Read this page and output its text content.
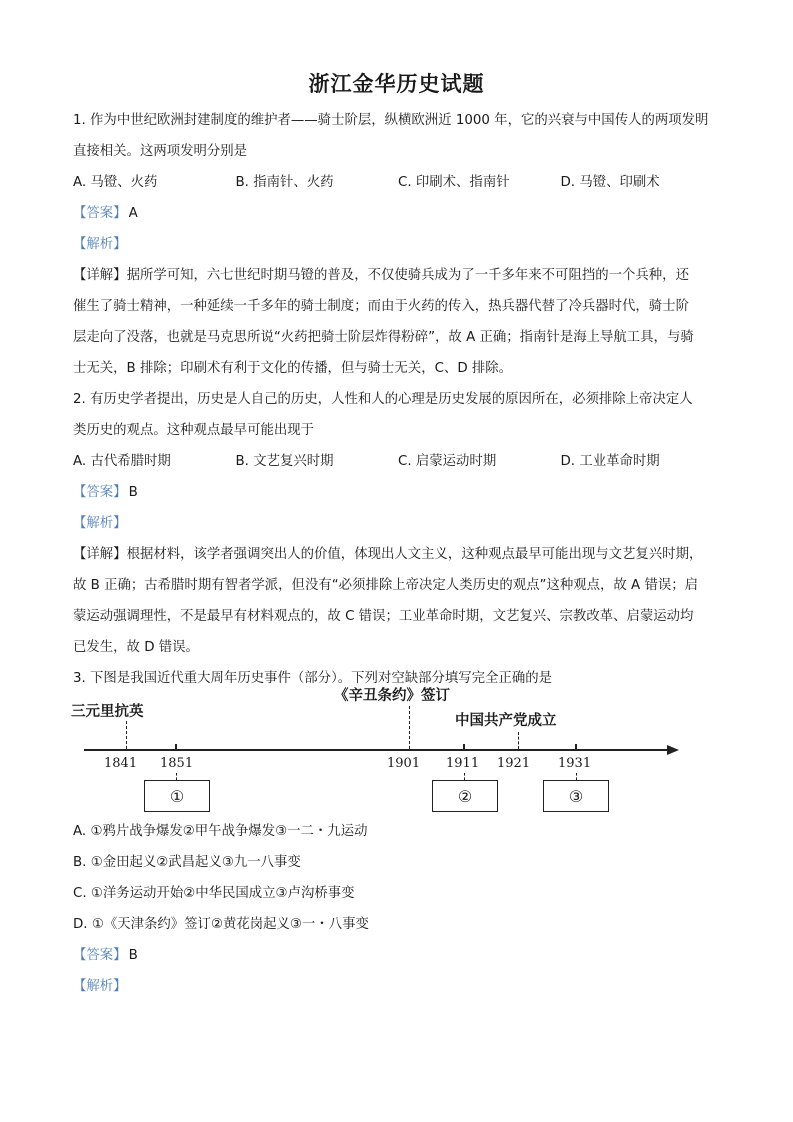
浙江金华历史试题
1. 作为中世纪欧洲封建制度的维护者——骑士阶层，纵横欧洲近 1000 年，它的兴衰与中国传人的两项发明
直接相关。这两项发明分别是
A. 马镫、火药	B. 指南针、火药	C. 印刷术、指南针	D. 马镫、印刷术
【答案】 A
【解析】
【详解】据所学可知，六七世纪时期马镫的普及，不仅使骑兵成为了一千多年来不可阻挡的一个兵种，还
催生了骑士精神，一种延续一千多年的骑士制度；而由于火药的传入，热兵器代替了冷兵器时代，骑士阶
层走向了没落，也就是马克思所说“火药把骑士阶层炸得粉碎”，故 A 正确；指南针是海上导航工具，与骑
士无关，B 排除；印刷术有利于文化的传播，但与骑士无关，C、D 排除。
2. 有历史学者提出，历史是人自己的历史，人性和人的心理是历史发展的原因所在，必须排除上帝决定人
类历史的观点。这种观点最早可能出现于
A. 古代希腊时期	B. 文艺复兴时期	C. 启蒙运动时期	D. 工业革命时期
【答案】 B
【解析】
【详解】根据材料，该学者强调突出人的价值，体现出人文主义，这种观点最早可能出现与文艺复兴时期，
故 B 正确；古希腊时期有智者学派，但没有“必须排除上帝决定人类历史的观点”这种观点，故 A 错误；启
蒙运动强调理性，不是最早有材料观点的，故 C 错误；工业革命时期，文艺复兴、宗教改革、启蒙运动均
已发生，故 D 错误。
3. 下图是我国近代重大周年历史事件（部分）。下列对空缺部分填写完全正确的是
三元里抗英
《辛丑条约》签订
中国共产党成立
1841 1851	1901 1911 1921 1931
①	②	③
A. ①鸦片战争爆发②甲午战争爆发③一二・九运动
B. ①金田起义②武昌起义③九一八事变
C. ①洋务运动开始②中华民国成立③卢沟桥事变
D. ①《天津条约》签订②黄花岗起义③一・八事变
【答案】 B
【解析】
